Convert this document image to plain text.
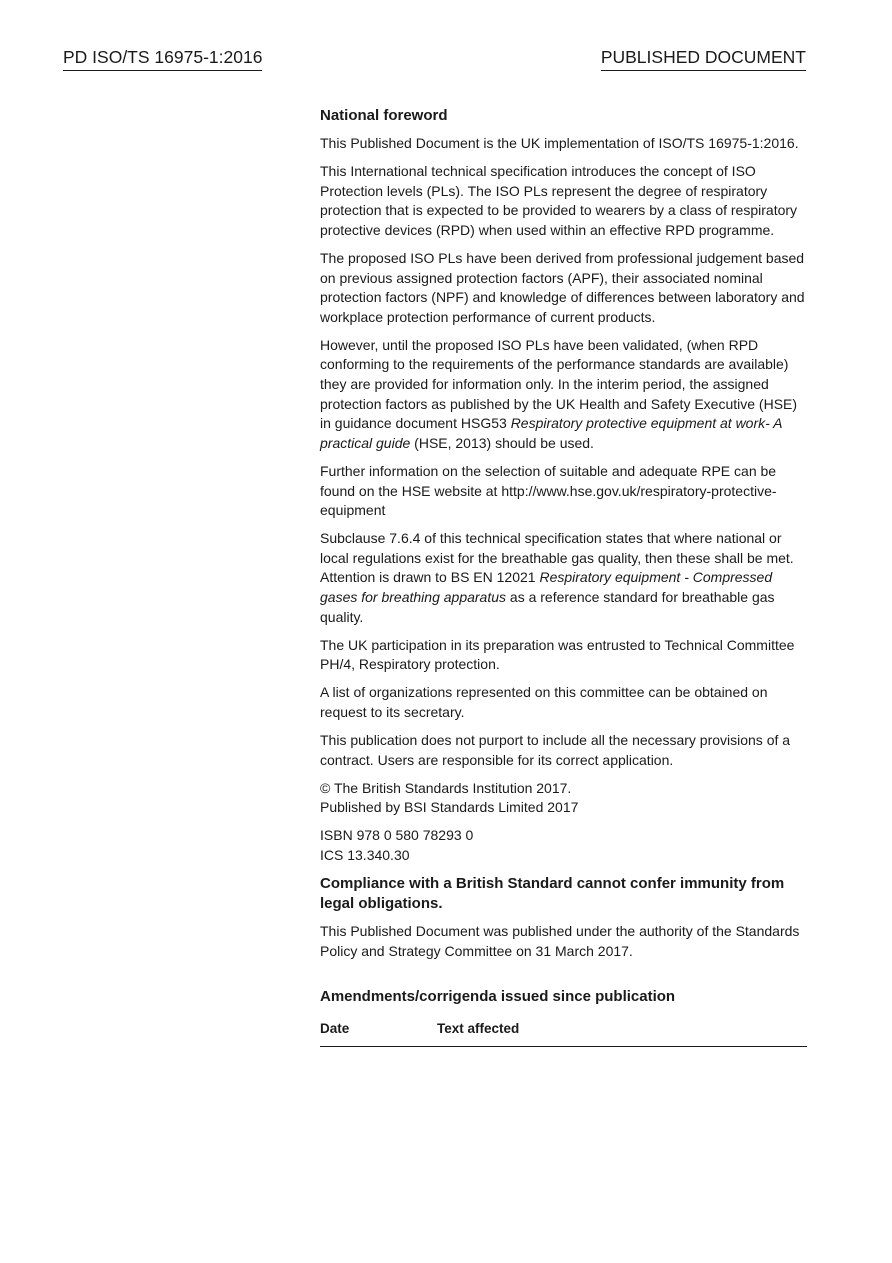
PD ISO/TS 16975-1:2016	PUBLISHED DOCUMENT
National foreword

This Published Document is the UK implementation of ISO/TS 16975-1:2016.

This International technical specification introduces the concept of ISO Protection levels (PLs). The ISO PLs represent the degree of respiratory protection that is expected to be provided to wearers by a class of respiratory protective devices (RPD) when used within an effective RPD programme.

The proposed ISO PLs have been derived from professional judgement based on previous assigned protection factors (APF), their associated nominal protection factors (NPF) and knowledge of differences between laboratory and workplace protection performance of current products.

However, until the proposed ISO PLs have been validated, (when RPD conforming to the requirements of the performance standards are available) they are provided for information only. In the interim period, the assigned protection factors as published by the UK Health and Safety Executive (HSE) in guidance document HSG53 Respiratory protective equipment at work- A practical guide (HSE, 2013) should be used.

Further information on the selection of suitable and adequate RPE can be found on the HSE website at http://www.hse.gov.uk/respiratory-protective-equipment

Subclause 7.6.4 of this technical specification states that where national or local regulations exist for the breathable gas quality, then these shall be met. Attention is drawn to BS EN 12021 Respiratory equipment - Compressed gases for breathing apparatus as a reference standard for breathable gas quality.

The UK participation in its preparation was entrusted to Technical Committee PH/4, Respiratory protection.

A list of organizations represented on this committee can be obtained on request to its secretary.

This publication does not purport to include all the necessary provisions of a contract. Users are responsible for its correct application.

© The British Standards Institution 2017.
Published by BSI Standards Limited 2017

ISBN 978 0 580 78293 0
ICS 13.340.30

Compliance with a British Standard cannot confer immunity from legal obligations.

This Published Document was published under the authority of the Standards Policy and Strategy Committee on 31 March 2017.

Amendments/corrigenda issued since publication
Date	Text affected
